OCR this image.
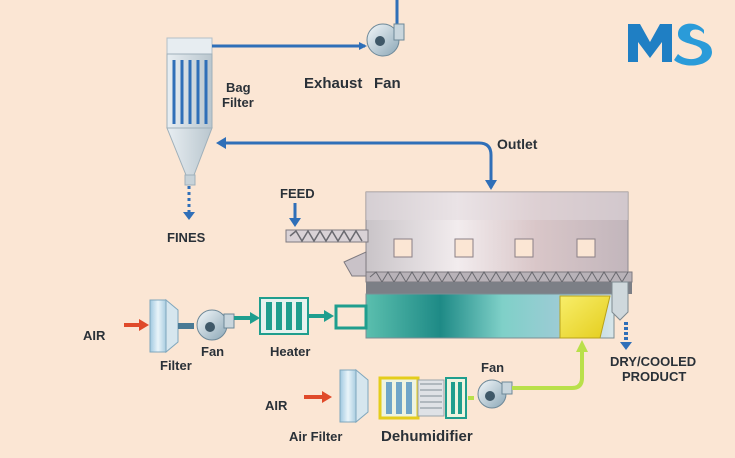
Bag
Filter
Exhaust Fan
Outlet
FEED
FINES
AIR
Filter
Fan	Heater
DRY/COOLED
PRODUCT
AIR
Air Filter	Dehumidifier
Fan
